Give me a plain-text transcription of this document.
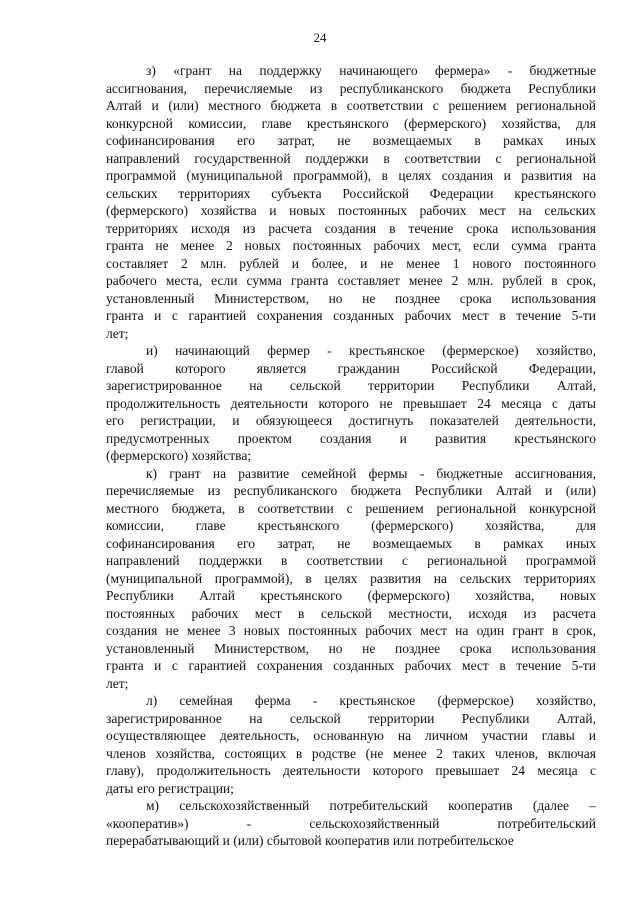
24

з) «грант на поддержку начинающего фермера» - бюджетные
ассигнования, перечисляемые из республиканского бюджета Республики
Алтай и (или) местного бюджета в соответствии с решением региональной
конкурсной комиссии, главе крестьянского (фермерского) хозяйства, для
софинансирования его затрат, не возмещаемых в рамках иных
направлений государственной поддержки в соответствии с региональной
программой (муниципальной программой), в целях создания и развития на
сельских территориях субъекта Российской Федерации крестьянского
(фермерского) хозяйства и новых постоянных рабочих мест на сельских
территориях исходя из расчета создания в течение срока использования
гранта не менее 2 новых постоянных рабочих мест, если сумма гранта
составляет 2 млн. рублей и более, и не менее 1 нового постоянного
рабочего места, если сумма гранта составляет менее 2 млн. рублей в срок,
установленный Министерством, но не позднее срока использования
гранта и с гарантией сохранения созданных рабочих мест в течение 5-ти
лет;

и) начинающий фермер - крестьянское (фермерское) хозяйство,
главой которого является гражданин Российской Федерации,
зарегистрированное на сельской территории Республики Алтай,
продолжительность деятельности которого не превышает 24 месяца с даты
его регистрации, и обязующееся достигнуть показателей деятельности,
предусмотренных проектом создания и развития крестьянского
(фермерского) хозяйства;

к) грант на развитие семейной фермы - бюджетные ассигнования,
перечисляемые из республиканского бюджета Республики Алтай и (или)
местного бюджета, в соответствии с решением региональной конкурсной
комиссии, главе крестьянского (фермерского) хозяйства, для
софинансирования его затрат, не возмещаемых в рамках иных
направлений поддержки в соответствии с региональной программой
(муниципальной программой), в целях развития на сельских территориях
Республики Алтай крестьянского (фермерского) хозяйства, новых
постоянных рабочих мест в сельской местности, исходя из расчета
создания не менее 3 новых постоянных рабочих мест на один грант в срок,
установленный Министерством, но не позднее срока использования
гранта и с гарантией сохранения созданных рабочих мест в течение 5-ти
лет;

л) семейная ферма - крестьянское (фермерское) хозяйство,
зарегистрированное на сельской территории Республики Алтай,
осуществляющее деятельность, основанную на личном участии главы и
членов хозяйства, состоящих в родстве (не менее 2 таких членов, включая
главу), продолжительность деятельности которого превышает 24 месяца с
даты его регистрации;

м) сельскохозяйственный потребительский кооператив (далее –
«кооператив») - сельскохозяйственный потребительский
перерабатывающий и (или) сбытовой кооператив или потребительское
